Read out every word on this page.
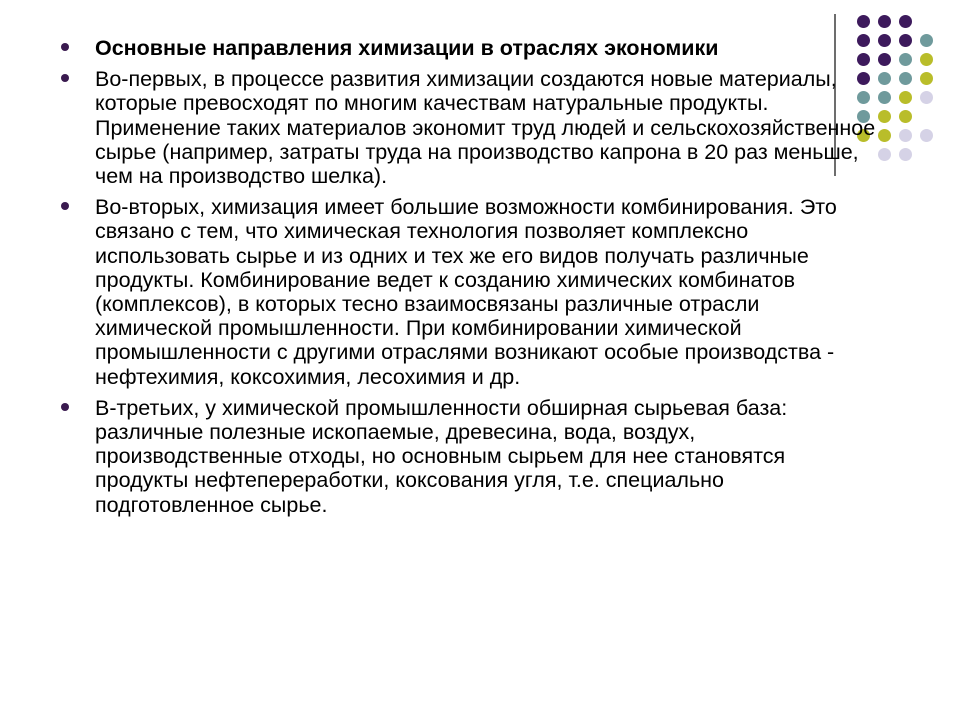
Основные направления химизации в отраслях экономики
Во-первых, в процессе развития химизации создаются новые материалы, которые превосходят по многим качествам натуральные продукты. Применение таких материалов экономит труд людей и сельскохозяйственное сырье (например, затраты труда на производство капрона в 20 раз меньше, чем на производство шелка).
Во-вторых, химизация имеет большие возможности комбинирования. Это связано с тем, что химическая технология позволяет комплексно использовать сырье и из одних и тех же его видов получать различные продукты. Комбинирование ведет к созданию химических комбинатов (комплексов), в которых тесно взаимосвязаны различные отрасли химической промышленности. При комбинировании химической промышленности с другими отраслями возникают особые производства - нефтехимия, коксохимия, лесохимия и др.
В-третьих, у химической промышленности обширная сырьевая база: различные полезные ископаемые, древесина, вода, воздух, производственные отходы, но основным сырьем для нее становятся продукты нефтепереработки, коксования угля, т.е. специально подготовленное сырье.
